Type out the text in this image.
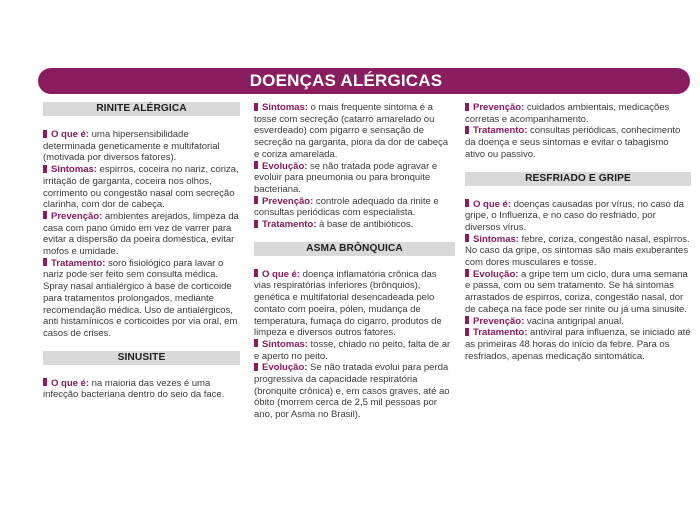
DOENÇAS ALÉRGICAS
RINITE ALÉRGICA

O que é: uma hipersensibilidade determinada geneticamente e multifatorial (motivada por diversos fatores).

Sintomas: espirros, coceira no nariz, coriza, irritação de garganta, coceira nos olhos, corrimento ou congestão nasal com secreção clarinha, com dor de cabeça.

Prevenção: ambientes arejados, limpeza da casa com pano úmido em vez de varrer para evitar a dispersão da poeira doméstica, evitar mofos e umidade.

Tratamento: soro fisiológico para lavar o nariz pode ser feito sem consulta médica. Spray nasal antialérgico à base de corticoide para tratamentos prolongados, mediante recomendação médica. Uso de antialérgicos, anti histamínicos e corticoides por via oral, em casos de crises.

SINUSITE

O que é: na maioria das vezes é uma infecção bacteriana dentro do seio da face.

Sintomas: o mais frequente sintoma é a tosse com secreção (catarro amarelado ou esverdeado) com pigarro e sensação de secreção na garganta, piora da dor de cabeça e coriza amarelada.

Evolução: se não tratada pode agravar e evoluir para pneumonia ou para bronquite bacteriana.

Prevenção: controle adequado da rinite e consultas periódicas com especialista.

Tratamento: à base de antibióticos.

ASMA BRÔNQUICA

O que é: doença inflamatória crônica das vias respiratórias inferiores (brônquios), genética e multifatorial desencadeada pelo contato com poeira, pólen, mudança de temperatura, fumaça do cigarro, produtos de limpeza e diversos outros fatores.

Sintomas: tosse, chiado no peito, falta de ar e aperto no peito.

Evolução: Se não tratada evolui para perda progressiva da capacidade respiratória (bronquite crônica) e, em casos graves, até ao óbito (morrem cerca de 2,5 mil pessoas por ano, por Asma no Brasil).

Prevenção: cuidados ambientais, medicações corretas e acompanhamento.

Tratamento: consultas periódicas, conhecimento da doença e seus sintomas e evitar o tabagismo ativo ou passivo.

RESFRIADO E GRIPE

O que é: doenças causadas por vírus, no caso da gripe, o Influenza, e no caso do resfriado, por diversos vírus.

Sintomas: febre, coriza, congestão nasal, espirros. No caso da gripe, os sintomas são mais exuberantes com dores musculares e tosse.

Evolução: a gripe tem um ciclo, dura uma semana e passa, com ou sem tratamento. Se há sintomas arrastados de espirros, coriza, congestão nasal, dor de cabeça na face pode ser rinite ou já uma sinusite.

Prevenção: vacina antigripal anual.

Tratamento: antiviral para influenza, se iniciado até as primeiras 48 horas do início da febre. Para os resfriados, apenas medicação sintomática.
